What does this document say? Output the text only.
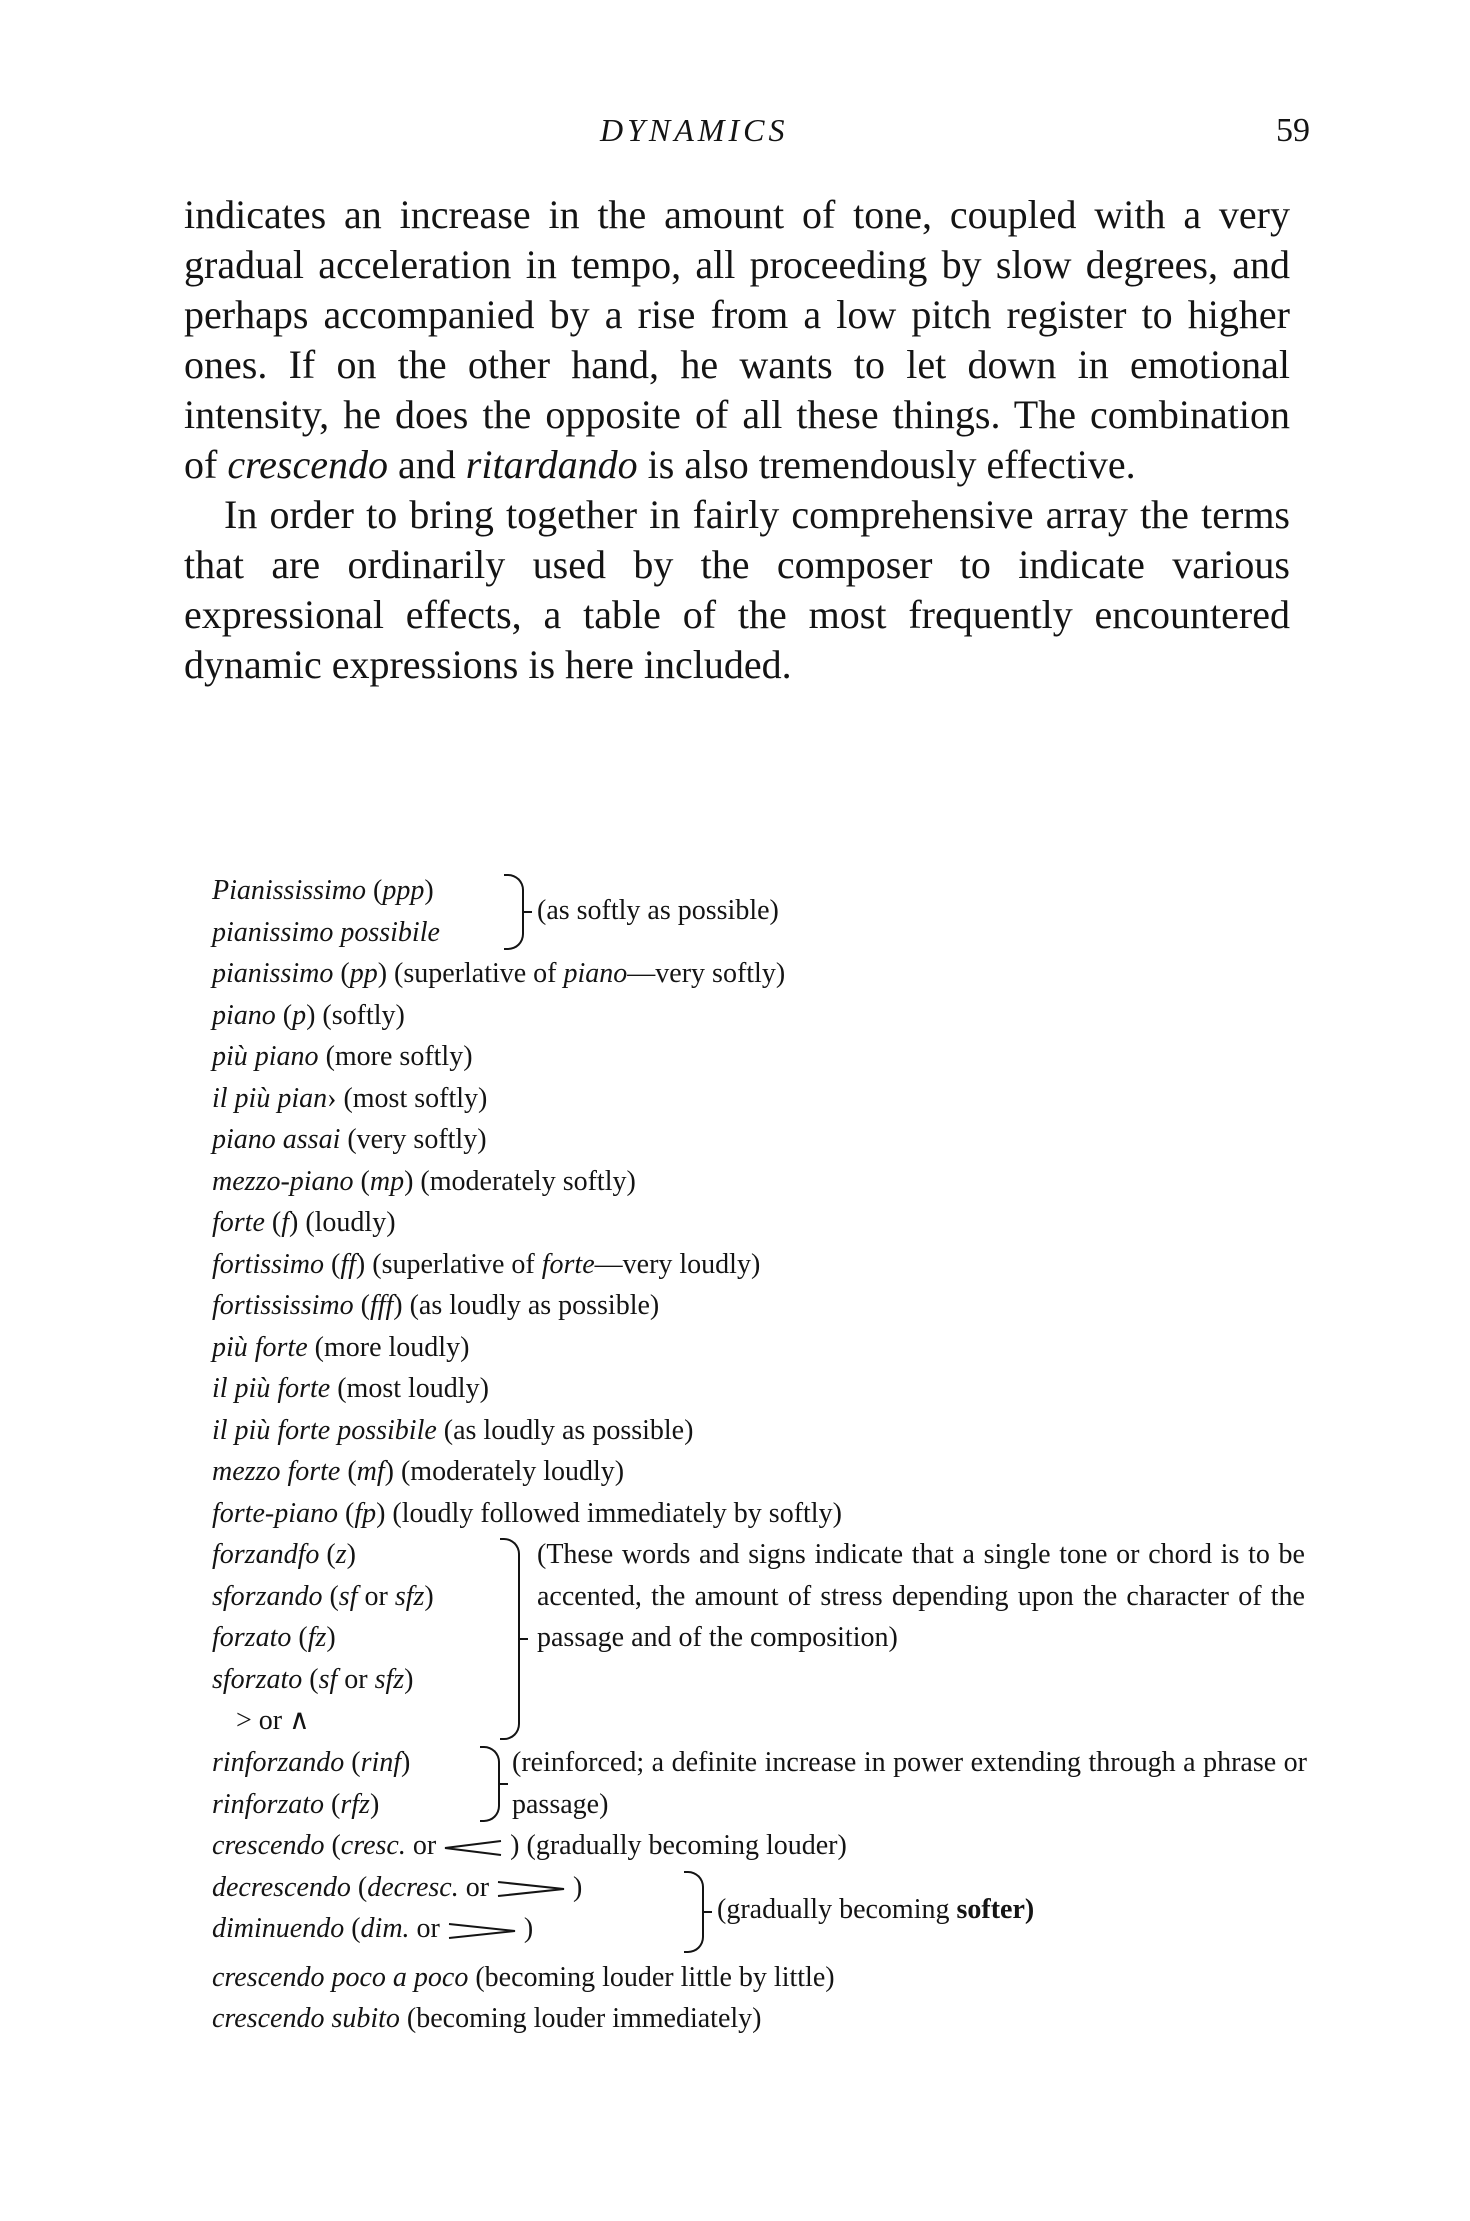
DYNAMICS	59

indicates an increase in the amount of tone, coupled with a very gradual acceleration in tempo, all proceeding by slow degrees, and perhaps accompanied by a rise from a low pitch register to higher ones. If on the other hand, he wants to let down in emotional intensity, he does the opposite of all these things. The combination of crescendo and ritardando is also tremendously effective.

In order to bring together in fairly comprehensive array the terms that are ordinarily used by the composer to indicate various expressional effects, a table of the most frequently encountered dynamic expressions is here included.

Pianississimo (ppp)
pianissimo possibile
(as softly as possible)
pianissimo (pp) (superlative of piano—very softly)
piano (p) (softly)
più piano (more softly)
il più pian› (most softly)
piano assai (very softly)
mezzo-piano (mp) (moderately softly)
forte (f) (loudly)
fortissimo (ff) (superlative of forte—very loudly)
fortississimo (fff) (as loudly as possible)
più forte (more loudly)
il più forte (most loudly)
il più forte possibile (as loudly as possible)
mezzo forte (mf) (moderately loudly)
forte-piano (fp) (loudly followed immediately by softly)
forzandfo (z)
sforzando (sf or sfz)
forzato (fz)
sforzato (sf or sfz)
> or ∧
(These words and signs indicate that a single tone or chord is to be accented, the amount of stress depending upon the character of the passage and of the composition)
rinforzando (rinf)
rinforzato (rfz)
(reinforced; a definite increase in power extending through a phrase or passage)
crescendo (cresc. or  ) (gradually becoming louder)
decrescendo (decresc. or	)
diminuendo (dim. or	)
(gradually becoming softer)
crescendo poco a poco (becoming louder little by little)
crescendo subito (becoming louder immediately)
